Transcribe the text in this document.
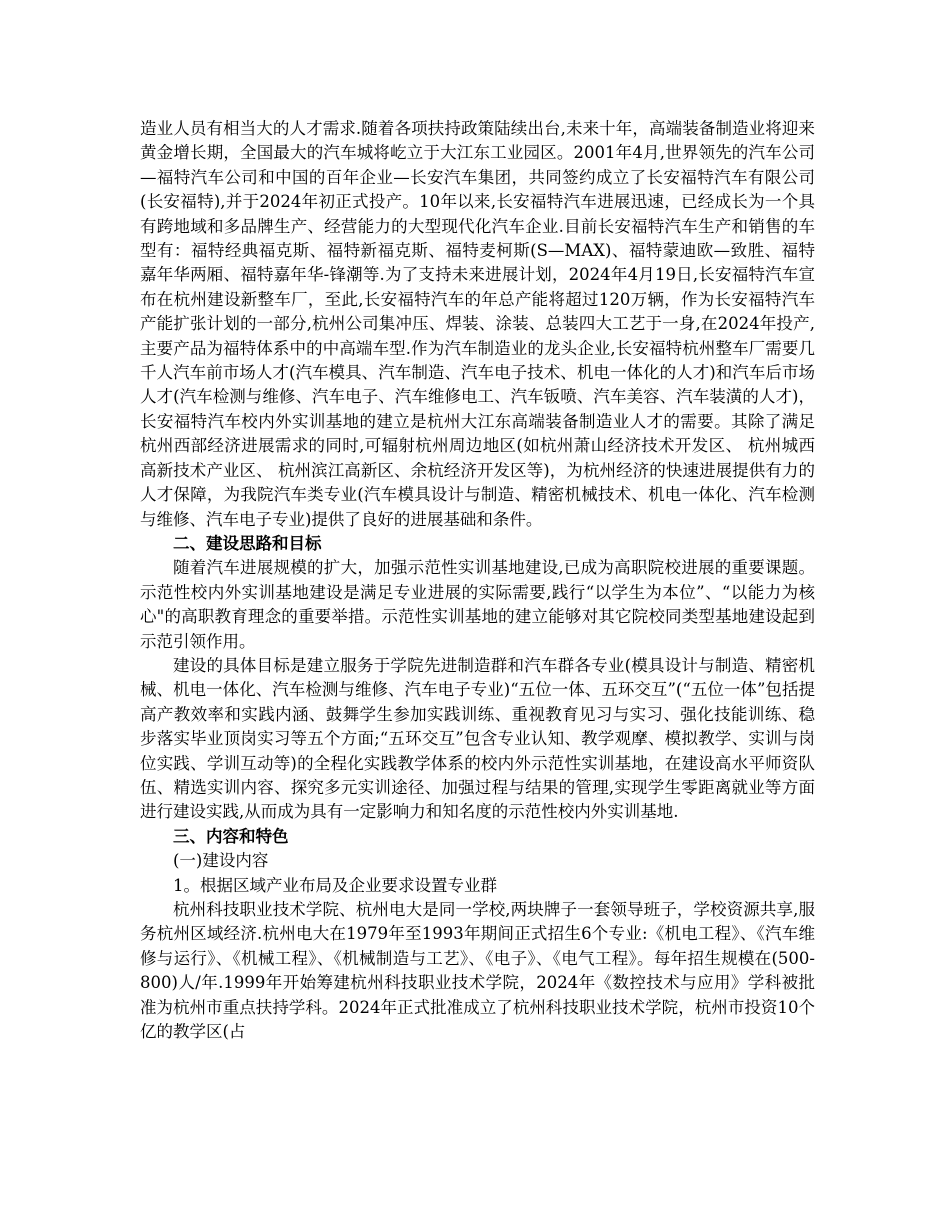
造业人员有相当大的人才需求.随着各项扶持政策陆续出台,未来十年，高端装备制造业将迎来黄金增长期，全国最大的汽车城将屹立于大江东工业园区。2001年4月,世界领先的汽车公司—福特汽车公司和中国的百年企业—长安汽车集团，共同签约成立了长安福特汽车有限公司(长安福特),并于2024年初正式投产。10年以来,长安福特汽车进展迅速，已经成长为一个具有跨地域和多品牌生产、经营能力的大型现代化汽车企业.目前长安福特汽车生产和销售的车型有：福特经典福克斯、福特新福克斯、福特麦柯斯(S—MAX)、福特蒙迪欧—致胜、福特嘉年华两厢、福特嘉年华-锋潮等.为了支持未来进展计划，2024年4月19日,长安福特汽车宣布在杭州建设新整车厂，至此,长安福特汽车的年总产能将超过120万辆，作为长安福特汽车产能扩张计划的一部分,杭州公司集冲压、焊装、涂装、总装四大工艺于一身,在2024年投产,主要产品为福特体系中的中高端车型.作为汽车制造业的龙头企业,长安福特杭州整车厂需要几千人汽车前市场人才(汽车模具、汽车制造、汽车电子技术、机电一体化的人才)和汽车后市场人才(汽车检测与维修、汽车电子、汽车维修电工、汽车钣喷、汽车美容、汽车装潢的人才)，长安福特汽车校内外实训基地的建立是杭州大江东高端装备制造业人才的需要。其除了满足杭州西部经济进展需求的同时,可辐射杭州周边地区(如杭州萧山经济技术开发区、 杭州城西高新技术产业区、 杭州滨江高新区、余杭经济开发区等)，为杭州经济的快速进展提供有力的人才保障，为我院汽车类专业(汽车模具设计与制造、精密机械技术、机电一体化、汽车检测与维修、汽车电子专业)提供了良好的进展基础和条件。

二、建设思路和目标

随着汽车进展规模的扩大，加强示范性实训基地建设,已成为高职院校进展的重要课题。示范性校内外实训基地建设是满足专业进展的实际需要,践行“以学生为本位”、“以能力为核心"的高职教育理念的重要举措。示范性实训基地的建立能够对其它院校同类型基地建设起到示范引领作用。

建设的具体目标是建立服务于学院先进制造群和汽车群各专业(模具设计与制造、精密机械、机电一体化、汽车检测与维修、汽车电子专业)“五位一体、五环交互”(“五位一体”包括提高产教效率和实践内涵、鼓舞学生参加实践训练、重视教育见习与实习、强化技能训练、稳步落实毕业顶岗实习等五个方面;“五环交互”包含专业认知、教学观摩、模拟教学、实训与岗位实践、学训互动等)的全程化实践教学体系的校内外示范性实训基地，在建设高水平师资队伍、精选实训内容、探究多元实训途径、加强过程与结果的管理,实现学生零距离就业等方面进行建设实践,从而成为具有一定影响力和知名度的示范性校内外实训基地.

三、内容和特色

(一)建设内容

1。根据区域产业布局及企业要求设置专业群

杭州科技职业技术学院、杭州电大是同一学校,两块牌子一套领导班子，学校资源共享,服务杭州区域经济.杭州电大在1979年至1993年期间正式招生6个专业:《机电工程》、《汽车维修与运行》、《机械工程》、《机械制造与工艺》、《电子》、《电气工程》。每年招生规模在(500-800)人/年.1999年开始筹建杭州科技职业技术学院，2024年《数控技术与应用》学科被批准为杭州市重点扶持学科。2024年正式批准成立了杭州科技职业技术学院，杭州市投资10个亿的教学区(占
